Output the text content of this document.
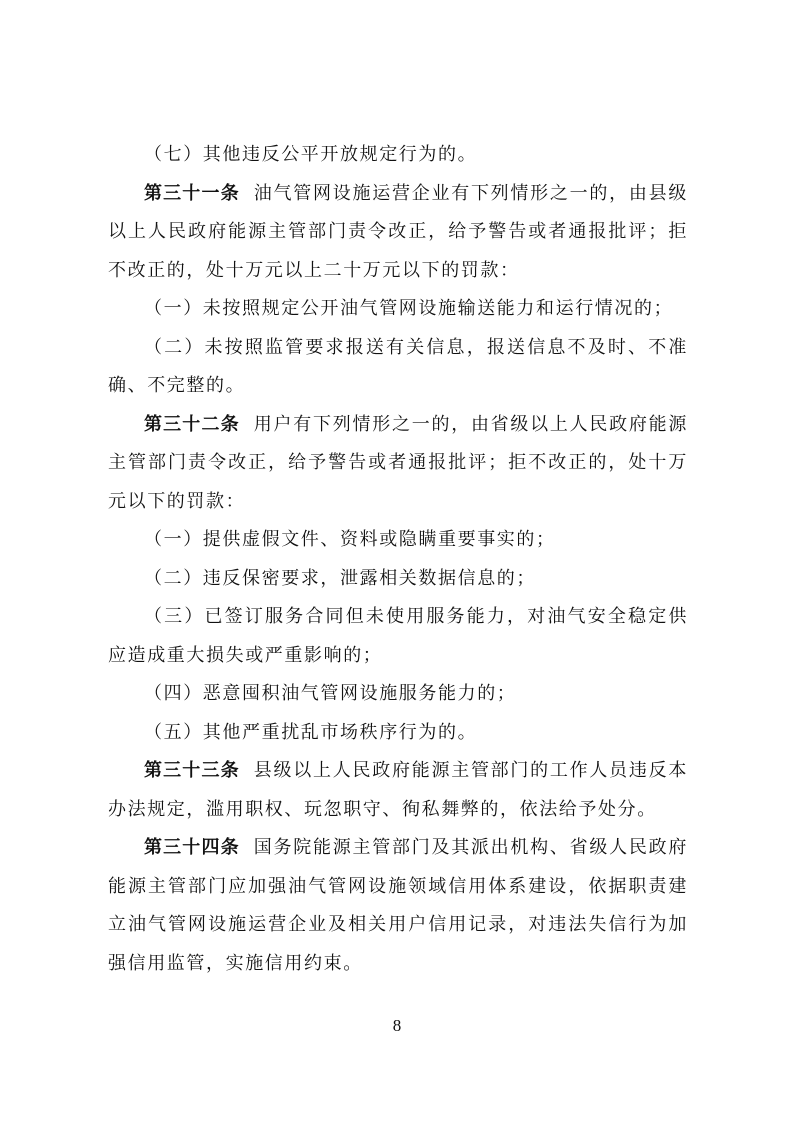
（七）其他违反公平开放规定行为的。

第三十一条 油气管网设施运营企业有下列情形之一的，由县级以上人民政府能源主管部门责令改正，给予警告或者通报批评；拒不改正的，处十万元以上二十万元以下的罚款：

（一）未按照规定公开油气管网设施输送能力和运行情况的；

（二）未按照监管要求报送有关信息，报送信息不及时、不准确、不完整的。

第三十二条 用户有下列情形之一的，由省级以上人民政府能源主管部门责令改正，给予警告或者通报批评；拒不改正的，处十万元以下的罚款：

（一）提供虚假文件、资料或隐瞒重要事实的；

（二）违反保密要求，泄露相关数据信息的；

（三）已签订服务合同但未使用服务能力，对油气安全稳定供应造成重大损失或严重影响的；

（四）恶意囤积油气管网设施服务能力的；

（五）其他严重扰乱市场秩序行为的。

第三十三条 县级以上人民政府能源主管部门的工作人员违反本办法规定，滥用职权、玩忽职守、徇私舞弊的，依法给予处分。

第三十四条 国务院能源主管部门及其派出机构、省级人民政府能源主管部门应加强油气管网设施领域信用体系建设，依据职责建立油气管网设施运营企业及相关用户信用记录，对违法失信行为加强信用监管，实施信用约束。

8
